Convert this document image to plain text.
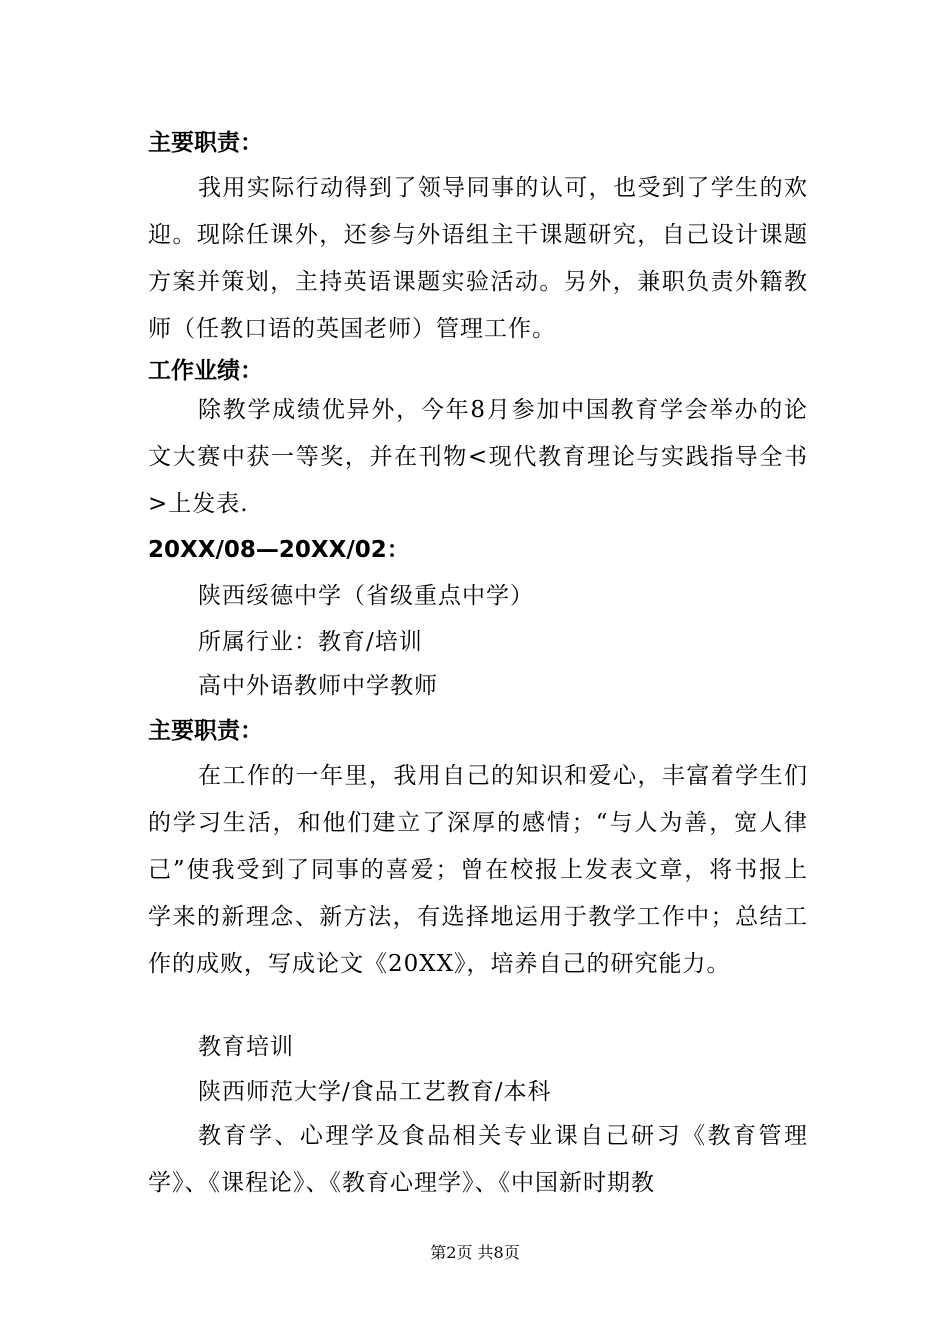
主要职责：
我用实际行动得到了领导同事的认可，也受到了学生的欢迎。现除任课外，还参与外语组主干课题研究，自己设计课题方案并策划，主持英语课题实验活动。另外，兼职负责外籍教师（任教口语的英国老师）管理工作。
工作业绩：
除教学成绩优异外，今年8月参加中国教育学会举办的论文大赛中获一等奖，并在刊物<现代教育理论与实践指导全书>上发表.
20XX/08—20XX/02：
陕西绥德中学（省级重点中学）
所属行业：教育/培训
高中外语教师中学教师
主要职责：
在工作的一年里，我用自己的知识和爱心，丰富着学生们的学习生活，和他们建立了深厚的感情；“与人为善，宽人律己”使我受到了同事的喜爱；曾在校报上发表文章，将书报上学来的新理念、新方法，有选择地运用于教学工作中；总结工作的成败，写成论文《20XX》，培养自己的研究能力。
教育培训
陕西师范大学/食品工艺教育/本科
教育学、心理学及食品相关专业课自己研习《教育管理学》、《课程论》、《教育心理学》、《中国新时期教
第2页 共8页
